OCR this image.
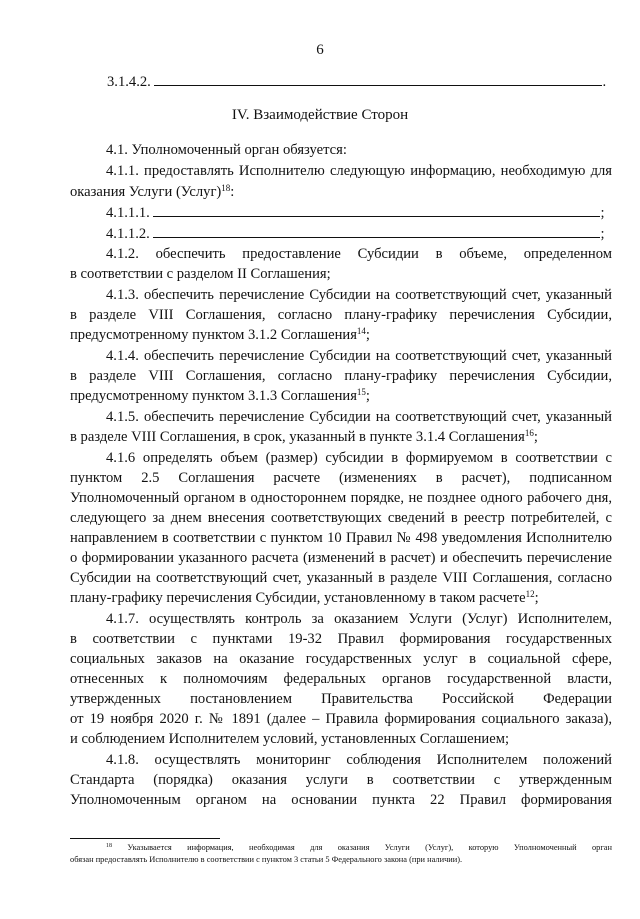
6
3.1.4.2.	.
IV. Взаимодействие Сторон
4.1. Уполномоченный орган обязуется:
4.1.1. предоставлять Исполнителю следующую информацию, необходимую для
оказания Услуги (Услуг)$^{18}$:
4.1.1.1.	;
4.1.1.2.	;
4.1.2. обеспечить предоставление Субсидии в объеме, определенном
в соответствии с разделом II Соглашения;
4.1.3. обеспечить перечисление Субсидии на соответствующий счет, указанный
в разделе VIII Соглашения, согласно плану-графику перечисления Субсидии,
предусмотренному пунктом 3.1.2 Соглашения$^{14}$;
4.1.4. обеспечить перечисление Субсидии на соответствующий счет, указанный
в разделе VIII Соглашения, согласно плану-графику перечисления Субсидии,
предусмотренному пунктом 3.1.3 Соглашения$^{15}$;
4.1.5. обеспечить перечисление Субсидии на соответствующий счет, указанный
в разделе VIII Соглашения, в срок, указанный в пункте 3.1.4 Соглашения$^{16}$;
4.1.6 определять объем (размер) субсидии в формируемом в соответствии с
пунктом 2.5 Соглашения расчете (изменениях в расчет), подписанном
Уполномоченный органом в одностороннем порядке, не позднее одного рабочего дня,
следующего за днем внесения соответствующих сведений в реестр потребителей, с
направлением в соответствии с пунктом 10 Правил № 498 уведомления Исполнителю
о формировании указанного расчета (изменений в расчет) и обеспечить перечисление
Субсидии на соответствующий счет, указанный в разделе VIII Соглашения, согласно
плану-графику перечисления Субсидии, установленному в таком расчете$^{12}$;
4.1.7. осуществлять контроль за оказанием Услуги (Услуг) Исполнителем,
в соответствии с пунктами 19-32 Правил формирования государственных
социальных заказов на оказание государственных услуг в социальной сфере,
отнесенных к полномочиям федеральных органов государственной власти,
утвержденных постановлением Правительства Российской Федерации
от 19 ноября 2020 г. № 1891 (далее – Правила формирования социального заказа),
и соблюдением Исполнителем условий, установленных Соглашением;
4.1.8. осуществлять мониторинг соблюдения Исполнителем положений
Стандарта (порядка) оказания услуги в соответствии с утвержденным
Уполномоченным органом на основании пункта 22 Правил формирования
$^{18}$ Указывается информация, необходимая для оказания Услуги (Услуг), которую Уполномоченный орган
обязан предоставлять Исполнителю в соответствии с пунктом 3 статьи 5 Федерального закона (при наличии).
